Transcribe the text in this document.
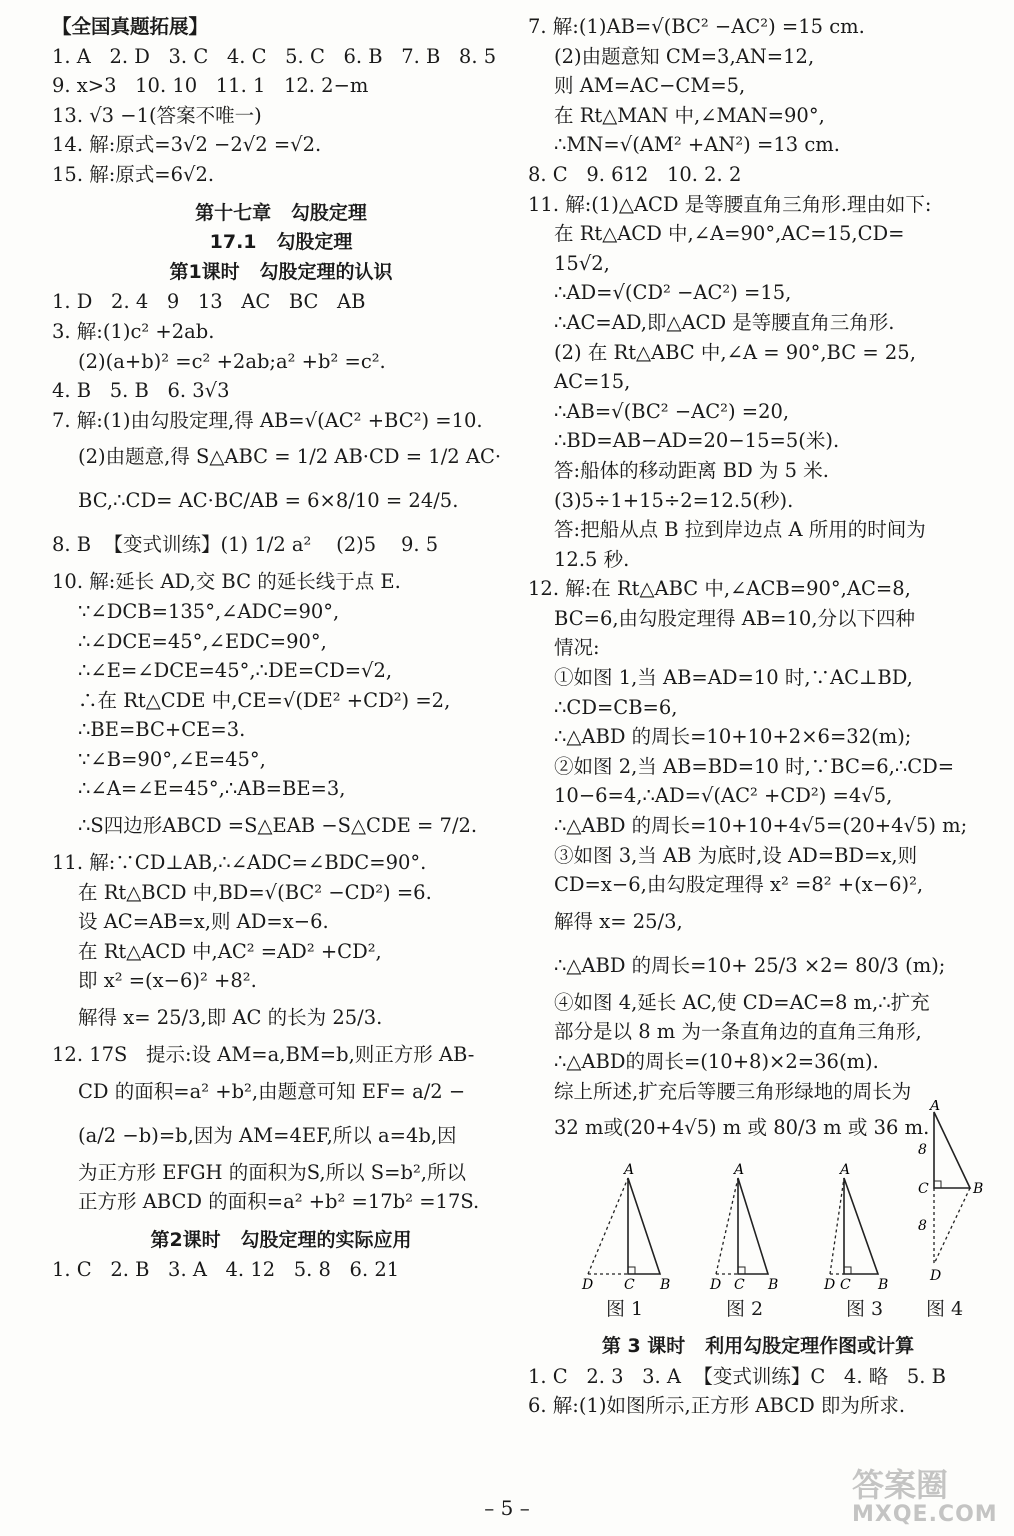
【全国真题拓展】
1. A   2. D   3. C   4. C   5. C   6. B   7. B   8. 5
9. x>3   10. 10   11. 1   12. 2−m
13. √3 −1(答案不唯一)
14. 解:原式=3√2 −2√2 =√2.
15. 解:原式=6√2.
第十七章   勾股定理
17.1   勾股定理
第1课时   勾股定理的认识
1. D   2. 4   9   13   AC   BC   AB
3. 解:(1)c² +2ab.
(2)(a+b)² =c² +2ab;a² +b² =c².
4. B   5. B   6. 3√3
7. 解:(1)由勾股定理,得 AB=√(AC² +BC²) =10.
(2)由题意,得 S△ABC = 1/2 AB·CD = 1/2 AC·
BC,∴CD= AC·BC/AB = 6×8/10 = 24/5.
8. B  【变式训练】(1) 1/2 a²    (2)5    9. 5
10. 解:延长 AD,交 BC 的延长线于点 E.
∵∠DCB=135°,∠ADC=90°,
∴∠DCE=45°,∠EDC=90°,
∴∠E=∠DCE=45°,∴DE=CD=√2,
∴在 Rt△CDE 中,CE=√(DE² +CD²) =2,
∴BE=BC+CE=3.
∵∠B=90°,∠E=45°,
∴∠A=∠E=45°,∴AB=BE=3,
∴S四边形ABCD =S△EAB −S△CDE = 7/2.
11. 解:∵CD⊥AB,∴∠ADC=∠BDC=90°.
在 Rt△BCD 中,BD=√(BC² −CD²) =6.
设 AC=AB=x,则 AD=x−6.
在 Rt△ACD 中,AC² =AD² +CD²,
即 x² =(x−6)² +8².
解得 x= 25/3,即 AC 的长为 25/3.
12. 17S   提示:设 AM=a,BM=b,则正方形 AB-
CD 的面积=a² +b²,由题意可知 EF= a/2 −
(a/2 −b)=b,因为 AM=4EF,所以 a=4b,因
为正方形 EFGH 的面积为S,所以 S=b²,所以
正方形 ABCD 的面积=a² +b² =17b² =17S.
第2课时   勾股定理的实际应用
1. C   2. B   3. A   4. 12   5. 8   6. 21
7. 解:(1)AB=√(BC² −AC²) =15 cm.
(2)由题意知 CM=3,AN=12,
则 AM=AC−CM=5,
在 Rt△MAN 中,∠MAN=90°,
∴MN=√(AM² +AN²) =13 cm.
8. C   9. 612   10. 2. 2
11. 解:(1)△ACD 是等腰直角三角形.理由如下:
在 Rt△ACD 中,∠A=90°,AC=15,CD=
15√2,
∴AD=√(CD² −AC²) =15,
∴AC=AD,即△ACD 是等腰直角三角形.
(2) 在 Rt△ABC 中,∠A = 90°,BC = 25,
AC=15,
∴AB=√(BC² −AC²) =20,
∴BD=AB−AD=20−15=5(米).
答:船体的移动距离 BD 为 5 米.
(3)5÷1+15÷2=12.5(秒).
答:把船从点 B 拉到岸边点 A 所用的时间为
12.5 秒.
12. 解:在 Rt△ABC 中,∠ACB=90°,AC=8,
BC=6,由勾股定理得 AB=10,分以下四种
情况:
①如图 1,当 AB=AD=10 时,∵AC⊥BD,
∴CD=CB=6,
∴△ABD 的周长=10+10+2×6=32(m);
②如图 2,当 AB=BD=10 时,∵BC=6,∴CD=
10−6=4,∴AD=√(AC² +CD²) =4√5,
∴△ABD 的周长=10+10+4√5=(20+4√5) m;
③如图 3,当 AB 为底时,设 AD=BD=x,则
CD=x−6,由勾股定理得 x² =8² +(x−6)²,
解得 x= 25/3,
∴△ABD 的周长=10+ 25/3 ×2= 80/3 (m);
④如图 4,延长 AC,使 CD=AC=8 m,∴扩充
部分是以 8 m 为一条直角边的直角三角形,
∴△ABD的周长=(10+8)×2=36(m).
综上所述,扩充后等腰三角形绿地的周长为
32 m或(20+4√5) m 或 80/3 m 或 36 m.
A
D C B
图 1
A
D C B
图 2
A
D C B
图 3
A
C	B
D
8
8
图 4
第 3 课时   利用勾股定理作图或计算
1. C   2. 3   3. A  【变式训练】C   4. 略   5. B
6. 解:(1)如图所示,正方形 ABCD 即为所求.
– 5 –
答案圈
MXQE.COM
